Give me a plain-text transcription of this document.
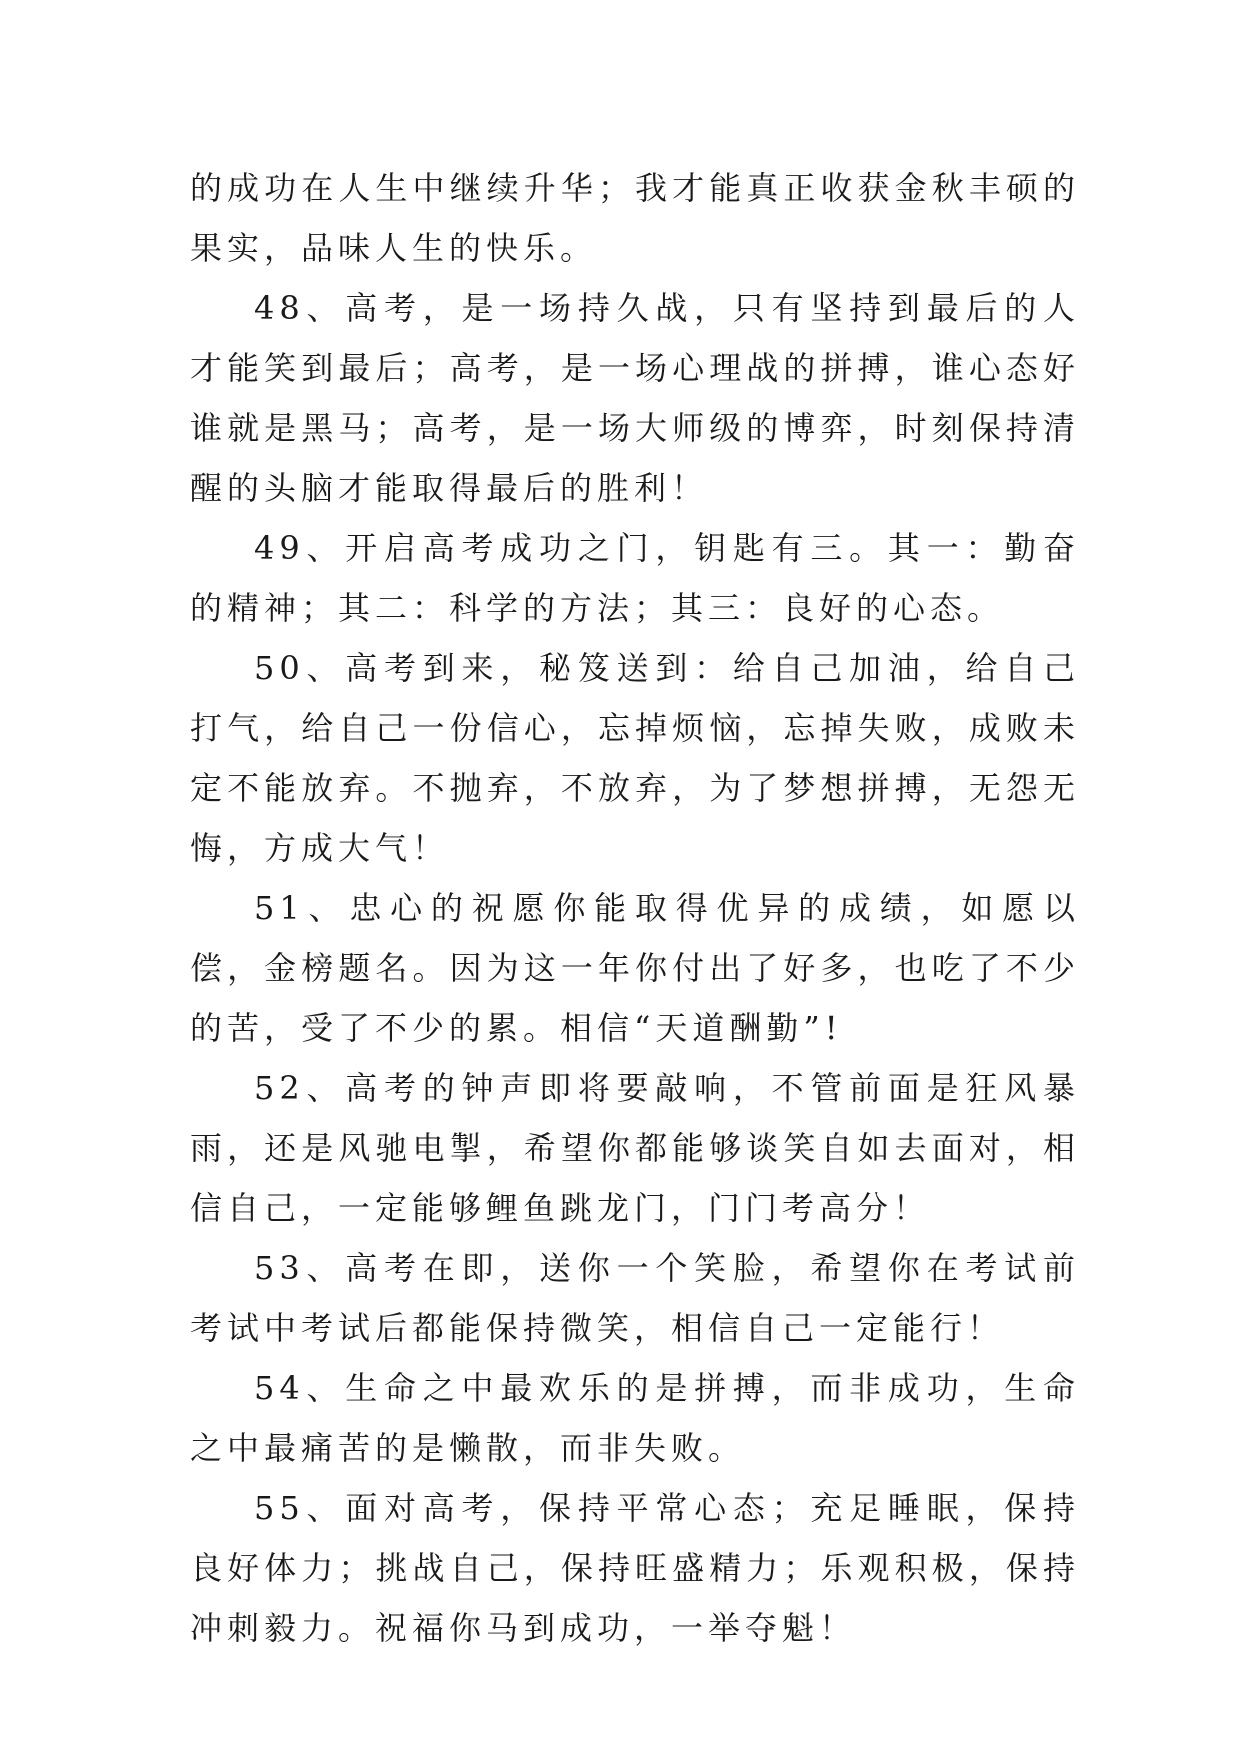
的成功在人生中继续升华；我才能真正收获金秋丰硕的果实，品味人生的快乐。

48、高考，是一场持久战，只有坚持到最后的人才能笑到最后；高考，是一场心理战的拼搏，谁心态好谁就是黑马；高考，是一场大师级的博弈，时刻保持清醒的头脑才能取得最后的胜利！

49、开启高考成功之门，钥匙有三。其一：勤奋的精神；其二：科学的方法；其三：良好的心态。

50、高考到来，秘笈送到：给自己加油，给自己打气，给自己一份信心，忘掉烦恼，忘掉失败，成败未定不能放弃。不抛弃，不放弃，为了梦想拼搏，无怨无悔，方成大气！

51、忠心的祝愿你能取得优异的成绩，如愿以偿，金榜题名。因为这一年你付出了好多，也吃了不少的苦，受了不少的累。相信“天道酬勤”!

52、高考的钟声即将要敲响，不管前面是狂风暴雨，还是风驰电掣，希望你都能够谈笑自如去面对，相信自己，一定能够鲤鱼跳龙门，门门考高分！

53、高考在即，送你一个笑脸，希望你在考试前考试中考试后都能保持微笑，相信自己一定能行！

54、生命之中最欢乐的是拼搏，而非成功，生命之中最痛苦的是懒散，而非失败。

55、面对高考，保持平常心态；充足睡眠，保持良好体力；挑战自己，保持旺盛精力；乐观积极，保持冲刺毅力。祝福你马到成功，一举夺魁！
